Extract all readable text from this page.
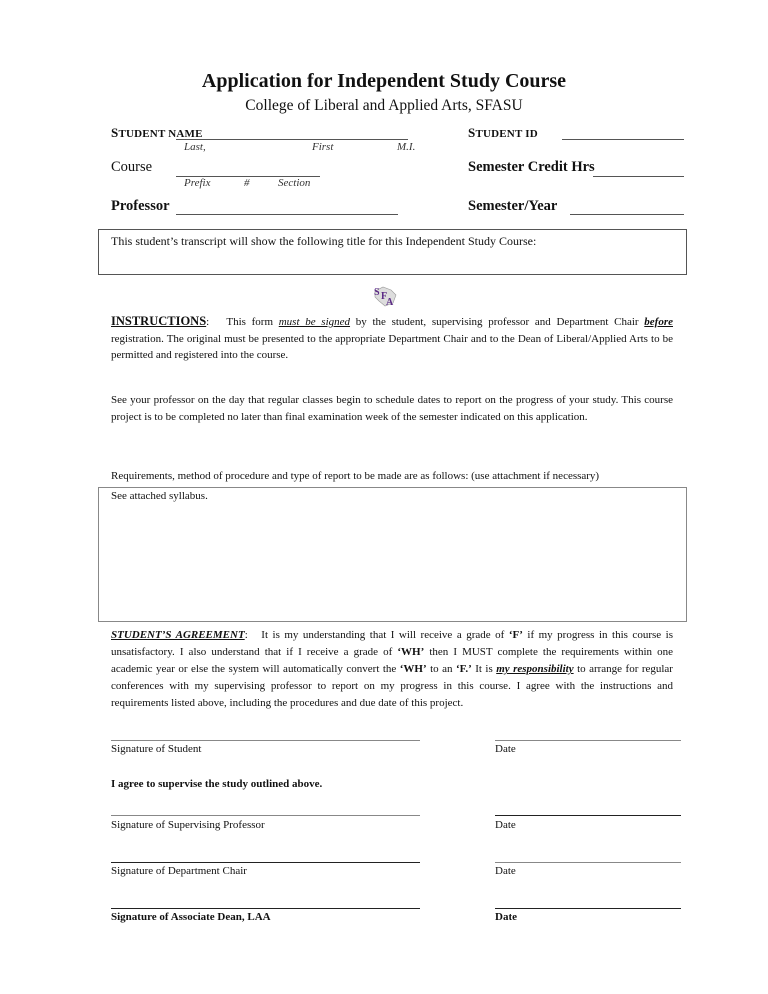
Application for Independent Study Course
College of Liberal and Applied Arts, SFASU
STUDENT NAME
Last,	First	M.I.
STUDENT ID
Course
Prefix	#	Section
Semester Credit Hrs
Professor	Semester/Year
This student’s transcript will show the following title for this Independent Study Course:
S F
A
INSTRUCTIONS:   This form must be signed by the student, supervising professor and Department Chair before registration. The original must be presented to the appropriate Department Chair and to the Dean of Liberal/Applied Arts to be permitted and registered into the course.
See your professor on the day that regular classes begin to schedule dates to report on the progress of your study. This course project is to be completed no later than final examination week of the semester indicated on this application.
Requirements, method of procedure and type of report to be made are as follows: (use attachment if necessary)
See attached syllabus.
STUDENT’S AGREEMENT:   It is my understanding that I will receive a grade of ‘F’ if my progress in this course is unsatisfactory. I also understand that if I receive a grade of ‘WH’ then I MUST complete the requirements within one academic year or else the system will automatically convert the ‘WH’ to an ‘F.’ It is my responsibility to arrange for regular conferences with my supervising professor to report on my progress in this course. I agree with the instructions and requirements listed above, including the procedures and due date of this project.
Signature of Student	Date
I agree to supervise the study outlined above.
Signature of Supervising Professor	Date
Signature of Department Chair	Date
Signature of Associate Dean, LAA	Date
